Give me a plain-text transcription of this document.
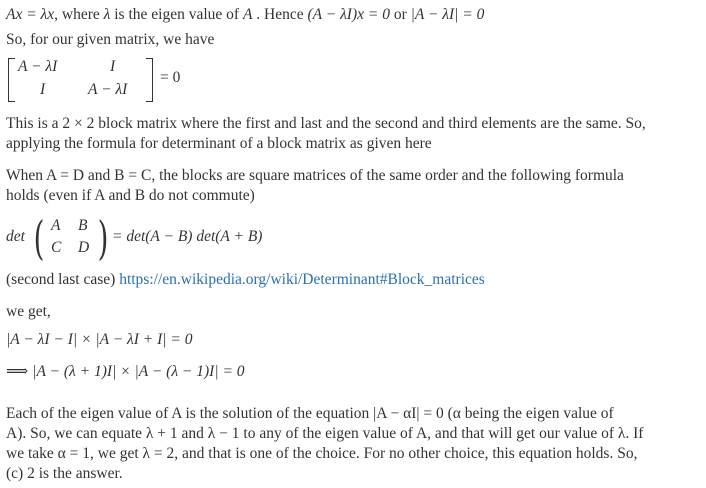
Ax = λx, where λ is the eigen value of A . Hence (A − λI)x = 0 or |A − λI| = 0
So, for our given matrix, we have
A − λI	I
I	A − λI
= 0
This is a 2 × 2 block matrix where the first and last and the second and third elements are the same. So,
applying the formula for determinant of a block matrix as given here
When A = D and B = C, the blocks are square matrices of the same order and the following formula
holds (even if A and B do not commute)
det ( A B
C D ) = det(A − B) det(A + B)
(second last case) https://en.wikipedia.org/wiki/Determinant#Block_matrices
we get,
|A − λI − I| × |A − λI + I| = 0
⟹ |A − (λ + 1)I| × |A − (λ − 1)I| = 0
Each of the eigen value of A is the solution of the equation |A − αI| = 0 (α being the eigen value of
A). So, we can equate λ + 1 and λ − 1 to any of the eigen value of A, and that will get our value of λ. If
we take α = 1, we get λ = 2, and that is one of the choice. For no other choice, this equation holds. So,
(c) 2 is the answer.
